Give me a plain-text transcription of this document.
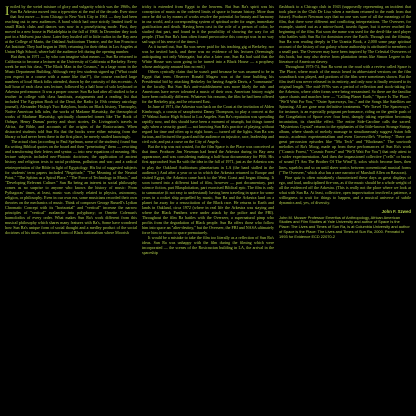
Inciled by the weird mixture of glory and vulgarity which was the 1960s, the Sun Ra Arkestra moved into a typewriter at the end of the decade. Ever since that first move — from Chicago to New York City in 1961 — they had been reaching out to new audiences. A band which had once strictly limited itself to small Black clubs and dances was now in a proselytizing mode. First, they moved to a new house in Philadelphia in the fall of 1968. In December they took part in a Midwest jazz show. Later they hustled off to little radios in the Bay area at the College of Marin, the Oakland Auditorium Theatre, and the San Francisco Art Institute. They had begun in 1969, returning for their debut in Los Angeles at Union High School, where half the audience left during the opening number.

But then, in 1971 — by who can imagine what means — Sun Ra returned to California to become a lecturer at the University of California at Berkeley. Every week he met his class, "The Black Man in the Cosmos," in a large room in the Music Department Building. Although very few students signed up ("What could you expect in a course with a name like that?"), the course reached large numbers of local Black folks attended, drawn by the curiosity of this eccentric. A half hour of each class was lecture, followed by a half hour of solo keyboard or Arkestra performance. It was a proper course: Sun Ra had after all studied to be a teacher in college with class handouts, assignments and a reading list that included The Egyptian Book of the Dead, the Radix (a 19th century astrology journal), Alexander Hislop's Two Babylons, books on Black history, Theosophy, Native American folk tales, the works of Madame Blavatsky, the theosophical works of Madame Blavatsky, spiritually channeled tomes like The Book of Oahspe, Henry Dumas' poetry and short stories, Dr. Livingston's travels in Africa, the Bible, and accounts of the origins of the Rosicrucians. When distracted students told Sun Ra that the books were either missing from the library or had never been there in the first place, he merely smiled knowingly.

The actual class (according to Paul Spelman, some of the students) found Sun Ra writing Biblical quotes on the board and then "penetrating" them — rewriting and transforming their letters and syntax — into new equations of meaning. His lecture subjects included neo-Platonic doctrines; the application of ancient history and religious texts to racial problems, pollution and war; and a radical reinterpretation of the Bible in light of Egyptology. His list of suggested subjects for students' term papers included "Negritude," "The Meaning of the Neutral Point," "The Sphinx as a Spiral Place," "The Force of Technology in Music," and "Developing Relevant Culture." Sun Ra being an interest in social philosophy comes as no surprise to anyone who knows the history of music: From Pythagoras' times, at least, music was closely related to physics, astronomy, religion, or philosophy. Even in our own era, some musicians recorded their own theories on the mechanics of music. Think of composer George Russell's Lydian Chromatic Concept with its "horizontal" and "vertical" increase the narrow principles of "vertical" avalanche into polyphony; or Ornette Coleman's harmolodics of every order. What makes Sun Ra's work different from this musical philosophy which shares many features with Ra's, Some have wondered how Sun Ra's unique form of social thought and a medley product of the social doctrines of his times, an extreme form of Black nationalism where Moorish

tricky is extended from Egypt to the heavens. But Sun Ra's spirit was his conception of music as the ordered limits of space to human history. More than once he did so by means of works resolve the potential for beauty and harmony in our world, and a corresponding system of spiritual order for anger, immediate gratification and death. Having been cast in the role of a person of color, he studied that part, and found in it the possibility of showing the way for all people. (That Sun Ra's fans often found provocative this concept was in no way sad saga of his sense of the times.)

As it turned out, Sun Ra was never paid for his teaching gig at Berkeley, nor was he invited back, and there was no evidence of his lectures (Seemingly anticipating not only Watergate, but also a later one, Sun Ra had said that the White House was soon going to be turned into a Black House — a prophesy whose ambiguity amused him no end.)

Others cynically claim that he wasn't paid because he was assumed to be in Egypt that term. Observer Ronald Magaw was at the time building his Presidential bid by attacking Berkeley for having Angela Davis, a "communist" in the faculty. But Sun Ra's anti-establishment was more likely the rub: and Americans have never tolerated a music of their own. American history might have been radically different. Whatever his reasons, the film he had been offered for the Berkeley gig, and he returned East.

In June of 1971, the Arkestra was back on the Coast at the invitation of Alden Kimbrough, a cousin of saxophonist Danny Thompson, to play a concert at the 37 Walnut Junior High School in Los Angeles. Sun Ra's reputation was spreading rapidly now, and this should have been a moment of triumph, but things turned ugly when a security guard — not knowing Sun Ra's practice of playing without regard for time and often up to eight hours — turned off the lights. Sun Ra was furious, and lectured the guard and the audience on injustice, race, leadership and civil rule, and put a curse on the City of Angels.

But the trip was not wasted, for the film Space is the Place was conceived at that time. Producer Jim Newman had heard the Arkestra during its Bay area appearance, and was considering making a half-hour documentary for PBS. His first approached Sun Ra with the idea in the fall of 1971, just as the Arkestra was to play the Oakland Auditorium planetarium in LA (the band stalled in the audience.) And after a year or so in which the Arkestra returned to Europe and visited Egypt, the Arkestra came back to the West Coast and began filming. It soon turned into a different kind of film, however — part documentary, part science fiction, part Blaxploitation, part exorcised Biblical epic. The film is only to summarize (it not easy to understand): having been traveling in space for some years in a rocket ship propelled by music, Sun Ra and the Arkestra land on a planet far away for a resuscitation of the Black race. He returns to Earth and lands in Oakland, circa 1972 (where in real life the Arkestra was staying and where the Black Panthers were under attack by the police and the FBI). Throughout the film Ra battles with the Overseer, a supernatural pimp who profits from the degradation of Black people. Sun Ra offers those who follow him into space an "alter-destiny," but the Overseer, the FBI and NASA ultimately force him to return to space prematurely.

It would be a mistake to take the film too literally as a reflection of Sun Ra's ideas. Sun Ra was unhappy with the film during the filming which were incorporated — the scenes of the Rosicrucian building in LA, the arrival in the spaceship

flashback to a Chicago club in 1943 (supposedly representing an incident that took place in the Club De Lisa when a medium returned to the earth from that future). Producer Newman says that no one was sure of all the meanings of the film, that there were different and conflicting interpretations. The Overseer, for example, started out as a mirror-faced, tuxedo figure, but it never reached the beginning of the film. But soon the name was used for the devil-like card player who battles with Sun Ra for dominion over the Earth. Through out the filming, Sun Ra was reading deeply in The Urantia Book, a 2,000 some page spiritual account of the history of our galaxy whose authorship is attributed to members of a small part. The Overseer may have been inspired by The Celestial Overseers of this book, but may also derive from plantation terms like Simon Legree in the literature of American slavery.

Throughout 1973-74, Sun Ra went on the road with a review called Space is The Place, where much of the music heard in abbreviated versions on the film soundtrack was played, and portions of the film were sometimes shown. But the film itself was never released in its entirety, and only now is finally restored to its original length. The mid-1970s was a period of reflection and stock-taking for the Arkestra, where older forms were being reexamined. So there are the familiar space chants and marches here — "Calling Planet Earth," "Space Is The Place," "We'll Wait For You," "Outer Spaceways, Inc.," and the Songs like Satellites are Spinning. All are gone near definitive treatments. "We Travel The Spaceways," for instance, is an especially poignant performance, riding on the gentle push of the Congelation of Space over four beat, damply taking repetition becoming incantation, its chantlike effect. The entire Side-Caroline calls the sacred. "Mysterious Crystal" returns to the epiphanies of the little-known Strange Strings album, where shards of melody massage in simultaneously suggest Asian folk music, academic experimentalism and even Grovesville's "Fireboy." There are great percussion episodes like "Mu Tech" and "Blackman." The sawtooth melodies of Ra's Moog, made up from these performances of Sun Ra's work ("Cosmic Forest," "Cosmic Forest" and "We'll Wait For You") that only attest to a wider experimentation. And then the impassioned collective ("cells" or bursts of sound ["I Am The Brother Of The Wind"]), solos which become lines, then lines, squelchs and so on until sheer sonics between conventional musical forms ("The Overseer," which also has a rare narrator of Marshall Allen on Bassoon).

Fine quiz is often mistakenly characterized these days as great displays of ego, and loud, undisciplined fire-ons, as if the music should be a whole weight of all the evidenced off the Arkestra. (This is really not the place where we look at what with Sun Ra. At least, collective, open improvisation involved a patience, a willingness to wait for things to happen, and a musical universe of subtle dynamics and, yes, of diversity.

John F. Szwed
John M. Musser Professor Emeritus of Anthropology, African American Studies and Film Studies at Yale University and author of Space Is the Place: The Lives and Times of Sun Ra, is at Columbia University and author of Space is the Place: The Lives and Times of Sun Ra, 2000. Pennatci in 1993 for Evidence ECD 22070-2
